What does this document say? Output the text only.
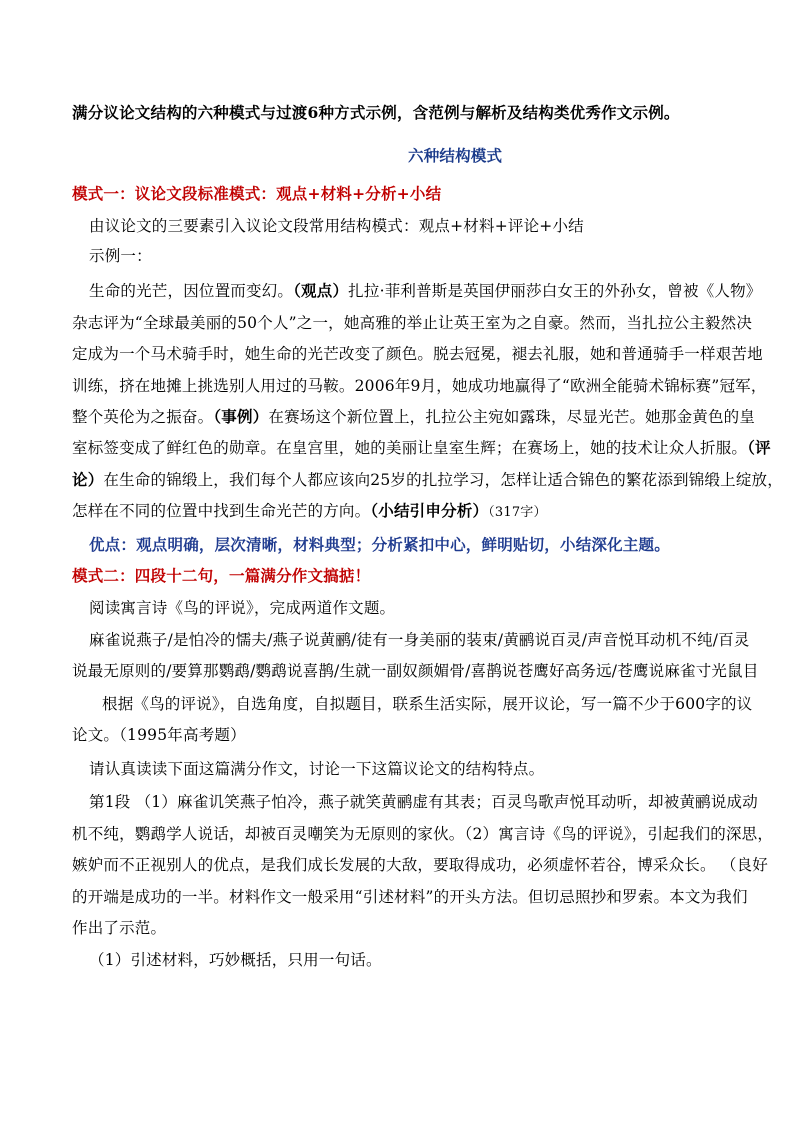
满分议论文结构的六种模式与过渡6种方式示例，含范例与解析及结构类优秀作文示例。
六种结构模式
模式一：议论文段标准模式：观点+材料+分析+小结
由议论文的三要素引入议论文段常用结构模式：观点+材料+评论+小结
示例一：
生命的光芒，因位置而变幻。（观点）扎拉·菲利普斯是英国伊丽莎白女王的外孙女，曾被《人物》
杂志评为“全球最美丽的50个人”之一，她高雅的举止让英王室为之自豪。然而，当扎拉公主毅然决
定成为一个马术骑手时，她生命的光芒改变了颜色。脱去冠冕，褪去礼服，她和普通骑手一样艰苦地
训练，挤在地摊上挑选别人用过的马鞍。2006年9月，她成功地赢得了“欧洲全能骑术锦标赛”冠军，
整个英伦为之振奋。（事例）在赛场这个新位置上，扎拉公主宛如露珠，尽显光芒。她那金黄色的皇
室标签变成了鲜红色的勋章。在皇宫里，她的美丽让皇室生辉；在赛场上，她的技术让众人折服。（评
论）在生命的锦缎上，我们每个人都应该向25岁的扎拉学习，怎样让适合锦色的繁花添到锦缎上绽放，
怎样在不同的位置中找到生命光芒的方向。（小结引申分析）（317字）
优点：观点明确，层次清晰，材料典型；分析紧扣中心，鲜明贴切，小结深化主题。
模式二：四段十二句，一篇满分作文搞掂！
阅读寓言诗《鸟的评说》，完成两道作文题。
麻雀说燕子/是怕冷的懦夫/燕子说黄鹂/徒有一身美丽的装束/黄鹂说百灵/声音悦耳动机不纯/百灵
说最无原则的/要算那鹦鹉/鹦鹉说喜鹊/生就一副奴颜媚骨/喜鹊说苍鹰好高务远/苍鹰说麻雀寸光鼠目
根据《鸟的评说》，自选角度，自拟题目，联系生活实际，展开议论，写一篇不少于600字的议
论文。（1995年高考题）
请认真读读下面这篇满分作文，讨论一下这篇议论文的结构特点。
第1段 （1）麻雀讥笑燕子怕冷，燕子就笑黄鹂虚有其表；百灵鸟歌声悦耳动听，却被黄鹂说成动
机不纯，鹦鹉学人说话，却被百灵嘲笑为无原则的家伙。（2）寓言诗《鸟的评说》，引起我们的深思，
嫉妒而不正视别人的优点，是我们成长发展的大敌，要取得成功，必须虚怀若谷，博采众长。 （良好
的开端是成功的一半。材料作文一般采用“引述材料”的开头方法。但切忌照抄和罗索。本文为我们
作出了示范。
（1）引述材料，巧妙概括，只用一句话。
